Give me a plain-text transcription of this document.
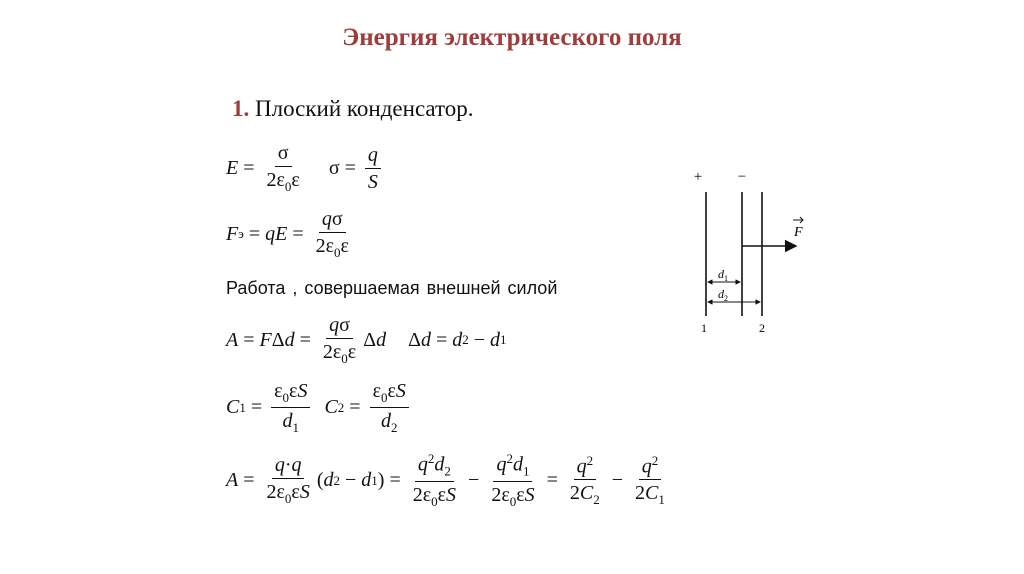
Энергия электрического поля
1. Плоский конденсатор.
$E = \frac{\sigma}{2\varepsilon_0\varepsilon}$ $\sigma = \frac{q}{S}$
F э = q $E = \frac{q\sigma}{2\varepsilon_0\varepsilon}$
Работа , совершаемая внешней силой
A = F Δ $d = \frac{q\sigma}{2\varepsilon_0\varepsilon}$ Δ d Δ d = d 2 − d 1
C $1 = \frac{\varepsilon_0\varepsilon S}{d_1}$ C $2 = \frac{\varepsilon_0\varepsilon S}{d_2}$
$A = \frac{q\cdot q}{2\varepsilon_0\varepsilon S}$ ( d 2 − d 1 ) = $\frac{q^2d_2}{2\varepsilon_0\varepsilon S} - \frac{q^2d_1}{2\varepsilon_0\varepsilon S} = \frac{q^2}{2C_2} - \frac{q^2}{2C_1}$
+ −
F
$d_1$
$d_2$
1	2
